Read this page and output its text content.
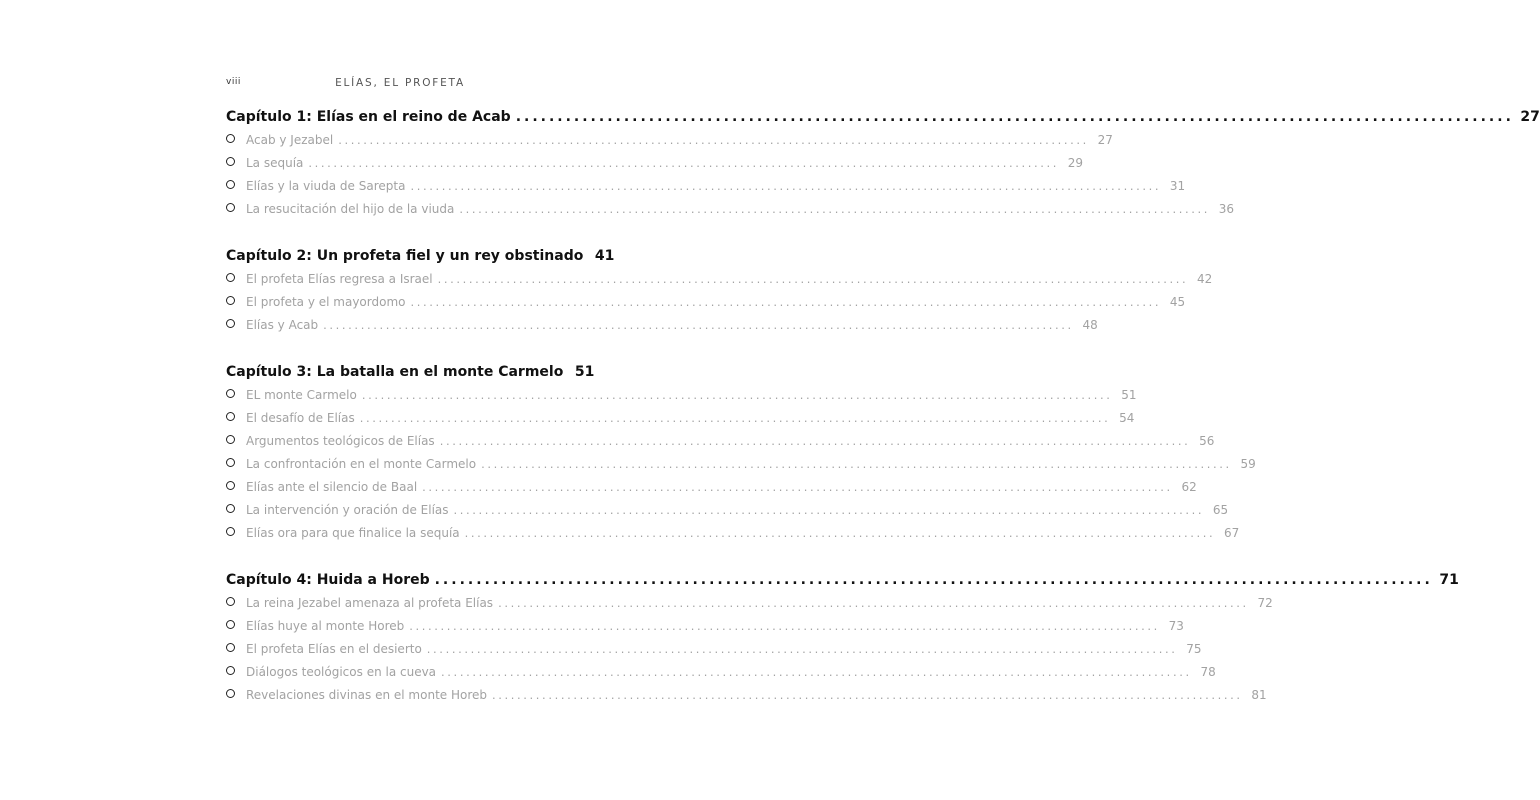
viii	ELÍAS, EL PROFETA
Capítulo 1: Elías en el reino de Acab ........................................................................................................................ 27
Acab y Jezabel ........................................................................................................................ 27
La sequía ........................................................................................................................ 29
Elías y la viuda de Sarepta ........................................................................................................................ 31
La resucitación del hijo de la viuda ........................................................................................................................ 36
Capítulo 2: Un profeta fiel y un rey obstinado 41
El profeta Elías regresa a Israel ........................................................................................................................ 42
El profeta y el mayordomo ........................................................................................................................ 45
Elías y Acab ........................................................................................................................ 48
Capítulo 3: La batalla en el monte Carmelo 51
EL monte Carmelo ........................................................................................................................ 51
El desafío de Elías ........................................................................................................................ 54
Argumentos teológicos de Elías ........................................................................................................................ 56
La confrontación en el monte Carmelo ........................................................................................................................ 59
Elías ante el silencio de Baal ........................................................................................................................ 62
La intervención y oración de Elías ........................................................................................................................ 65
Elías ora para que finalice la sequía ........................................................................................................................ 67
Capítulo 4: Huida a Horeb ........................................................................................................................ 71
La reina Jezabel amenaza al profeta Elías ........................................................................................................................ 72
Elías huye al monte Horeb ........................................................................................................................ 73
El profeta Elías en el desierto ........................................................................................................................ 75
Diálogos teológicos en la cueva ........................................................................................................................ 78
Revelaciones divinas en el monte Horeb ........................................................................................................................ 81
